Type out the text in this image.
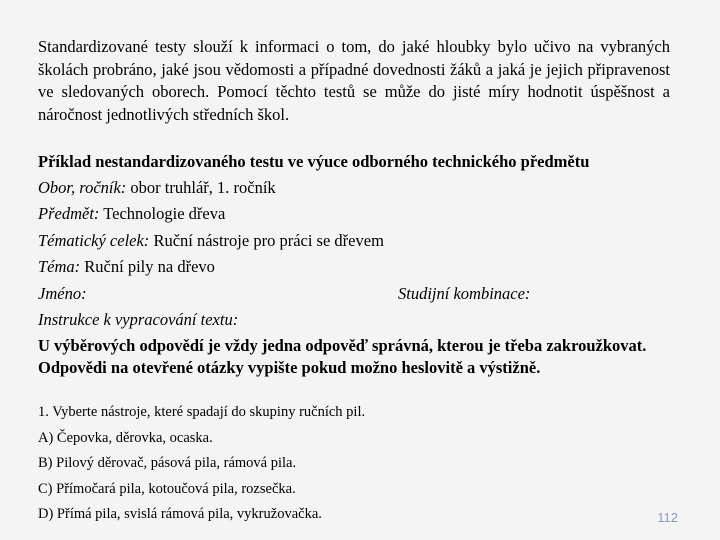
Standardizované testy slouží k informaci o tom, do jaké hloubky bylo učivo na vybraných školách probráno, jaké jsou vědomosti a případné dovednosti žáků a jaká je jejich připravenost ve sledovaných oborech. Pomocí těchto testů se může do jisté míry hodnotit úspěšnost a náročnost jednotlivých středních škol.
Příklad nestandardizovaného testu ve výuce odborného technického předmětu
Obor, ročník: obor truhlář, 1. ročník
Předmět: Technologie dřeva
Tématický celek: Ruční nástroje pro práci se dřevem
Téma: Ruční pily na dřevo
Jméno:	Studijní kombinace:
Instrukce k vypracování textu:
U výběrových odpovědí je vždy jedna odpověď správná, kterou je třeba zakroužkovat.
Odpovědi na otevřené otázky vypište pokud možno heslovitě a výstižně.
1. Vyberte nástroje, které spadají do skupiny ručních pil.
A) Čepovka, děrovka, ocaska.
B) Pilový děrovač, pásová pila, rámová pila.
C) Přímočará pila, kotoučová pila, rozsečka.
D) Přímá pila, svislá rámová pila, vykružovačka.	112
